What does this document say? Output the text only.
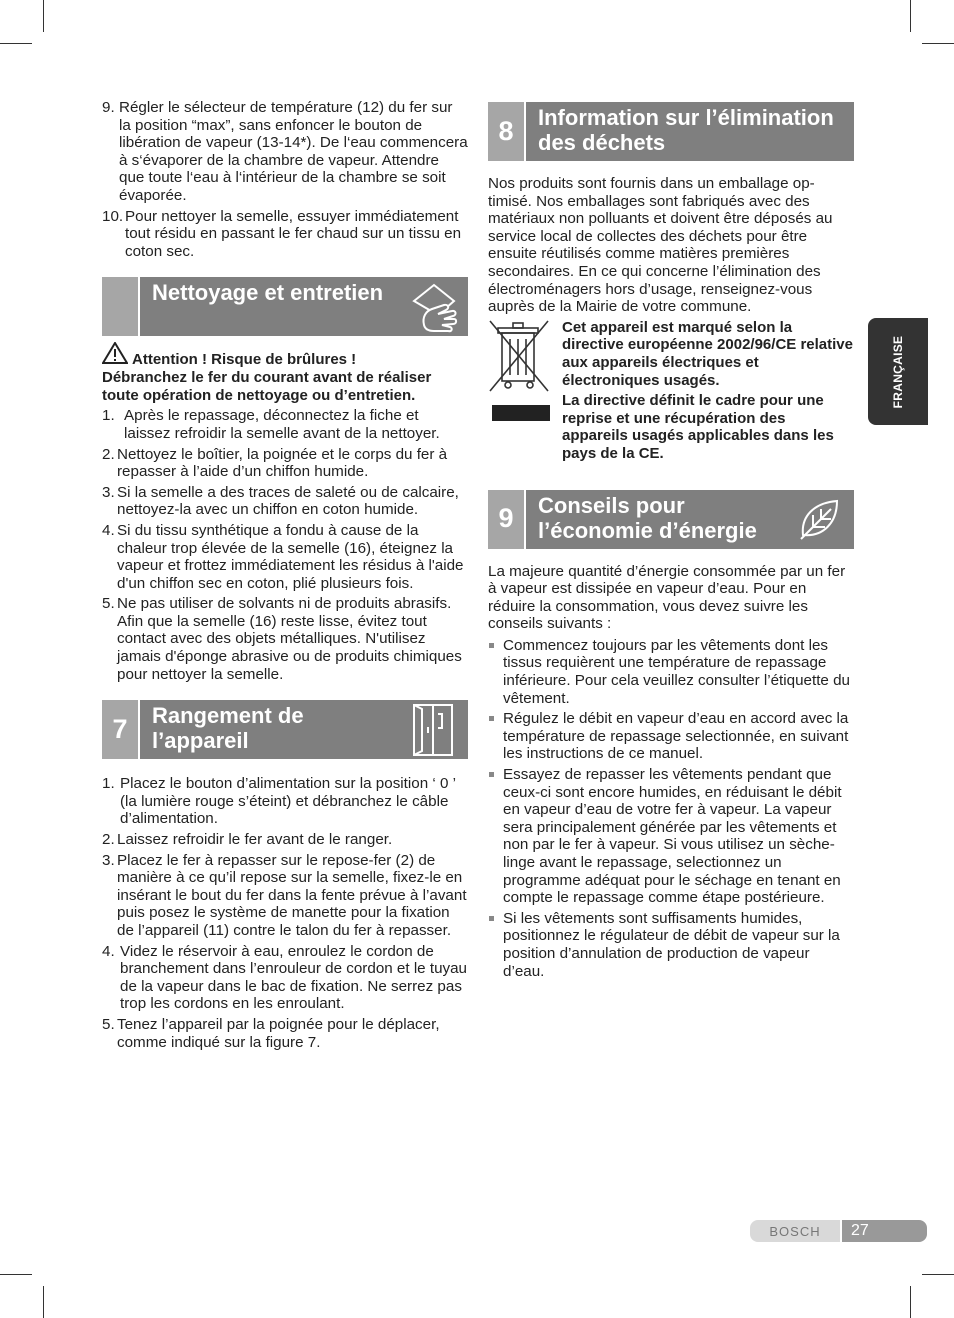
9. Régler le sélecteur de température (12) du fer sur la position “max”, sans enfoncer le bouton de libération de vapeur (13-14*). De l‘eau commencera à s‘évaporer de la chambre de vapeur. Attendre que toute l‘eau à l‘intérieur de la chambre se soit évaporée.
10. Pour nettoyer la semelle, essuyer immédiatement tout résidu en passant le fer chaud sur un tissu en coton sec.
Nettoyage et entretien
Attention ! Risque de brûlures !
Débranchez le fer du courant avant de réaliser toute opération de nettoyage ou d’entretien.
1. Après le repassage, déconnectez la fiche et laissez refroidir la semelle avant de la nettoyer.
2. Nettoyez le boîtier, la poignée et le corps du fer à repasser à l’aide d’un chiffon humide.
3. Si la semelle a des traces de saleté ou de calcaire, nettoyez-la avec un chiffon en coton humide.
4. Si du tissu synthétique a fondu à cause de la chaleur trop élevée de la semelle (16), éteignez la vapeur et frottez immédiatement les résidus à l'aide d'un chiffon sec en coton, plié plusieurs fois.
5. Ne pas utiliser de solvants ni de produits abrasifs. Afin que la semelle (16) reste lisse, évitez tout contact avec des objets métalliques. N'utilisez jamais d'éponge abrasive ou de produits chimiques pour nettoyer la semelle.
7	Rangement de l’appareil
1. Placez le bouton d’alimentation sur la position ‘ 0 ’ (la lumière rouge s’éteint) et débranchez le câble d’alimentation.
2. Laissez refroidir le fer avant de le ranger.
3. Placez le fer à repasser sur le repose-fer (2) de manière à ce qu’il repose sur la semelle, fixez-le en insérant le bout du fer dans la fente prévue à l’avant puis posez le système de manette pour la fixation de l’appareil (11) contre le talon du fer à repasser.
4. Videz le réservoir à eau, enroulez le cordon de branchement dans l’enrouleur de cordon et le tuyau de la vapeur dans le bac de fixation. Ne serrez pas trop les cordons en les enroulant.
5. Tenez l’appareil par la poignée pour le déplacer, comme indiqué sur la figure 7.
8	Information sur l’élimination des déchets

Nos produits sont fournis dans un emballage op-timisé. Nos emballages sont fabriqués avec des matériaux non polluants et doivent être déposés au service local de collectes des déchets pour être ensuite réutilisés comme matières premières secondaires. En ce qui concerne l’élimination des électroménagers hors d’usage, renseignez-vous auprès de la Mairie de votre commune.

Cet appareil est marqué selon la directive européenne 2002/96/CE relative aux appareils électriques et électroniques usagés.
La directive définit le cadre pour une reprise et une récupération des appareils usagés applicables dans les pays de la CE.
9	Conseils pour l’économie d’énergie

La majeure quantité d’énergie consommée par un fer à vapeur est dissipée en vapeur d’eau. Pour en réduire la consommation, vous devez suivre les conseils suivants :

Commencez toujours par les vêtements dont les tissus requièrent une température de repassage inférieure. Pour cela veuillez consulter l’étiquette du vêtement.
Régulez le débit en vapeur d’eau en accord avec la température de repassage selectionnée, en suivant les instructions de ce manuel.
Essayez de repasser les vêtements pendant que ceux-ci sont encore humides, en réduisant le débit en vapeur d’eau de votre fer à vapeur. La vapeur sera principalement générée par les vêtements et non par le fer à vapeur. Si vous utilisez un sèche-linge avant le repassage, selectionnez un programme adéquat pour le séchage en tenant en compte le repassage comme étape postérieure.
Si les vêtements sont suffisaments humides, positionnez le régulateur de débit de vapeur sur la position d’annulation de production de vapeur d’eau.
FRANÇAISE
BOSCH	27
